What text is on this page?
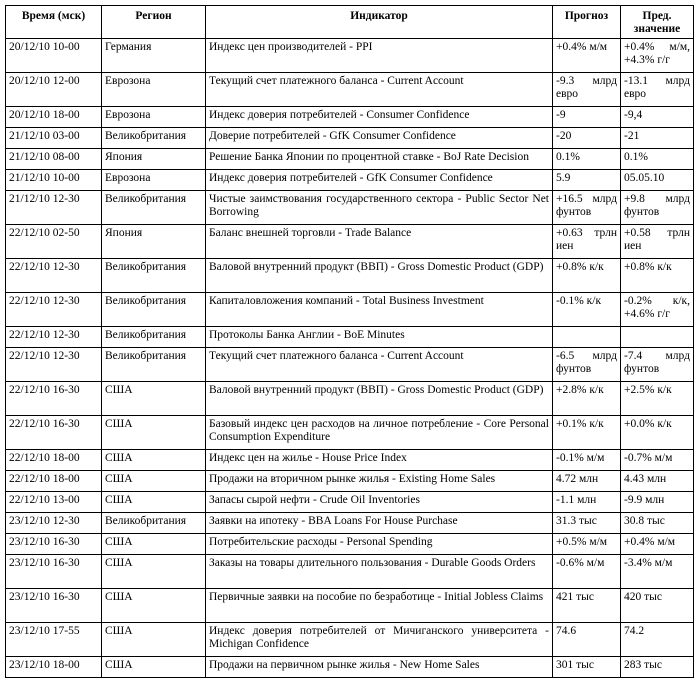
Время (мск)	Регион	Индикатор	Прогноз	Пред. значение
20/12/10 10-00	Германия	Индекс цен производителей - PPI	+0.4% м/м	+0.4% м/м, +4.3% г/г
20/12/10 12-00	Еврозона	Текущий счет платежного баланса - Current Account	-9.3 млрд евро	-13.1 млрд евро
20/12/10 18-00	Еврозона	Индекс доверия потребителей - Consumer Confidence	-9	-9,4
21/12/10 03-00	Великобритания	Доверие потребителей - GfK Consumer Confidence	-20	-21
21/12/10 08-00	Япония	Решение Банка Японии по процентной ставке - BoJ Rate Decision	0.1%	0.1%
21/12/10 10-00	Еврозона	Индекс доверия потребителей - GfK Consumer Confidence	5.9	05.05.10
21/12/10 12-30	Великобритания	Чистые заимствования государственного сектора - Public Sector Net Borrowing	+16.5 млрд фунтов	+9.8 млрд фунтов
22/12/10 02-50	Япония	Баланс внешней торговли - Trade Balance	+0.63 трлн иен	+0.58 трлн иен
22/12/10 12-30	Великобритания	Валовой внутренний продукт (ВВП) - Gross Domestic Product (GDP)	+0.8% к/к	+0.8% к/к
22/12/10 12-30	Великобритания	Капиталовложения компаний - Total Business Investment	-0.1% к/к	-0.2% к/к, +4.6% г/г
22/12/10 12-30	Великобритания	Протоколы Банка Англии - BoE Minutes		
22/12/10 12-30	Великобритания	Текущий счет платежного баланса - Current Account	-6.5 млрд фунтов	-7.4 млрд фунтов
22/12/10 16-30	США	Валовой внутренний продукт (ВВП) - Gross Domestic Product (GDP)	+2.8% к/к	+2.5% к/к
22/12/10 16-30	США	Базовый индекс цен расходов на личное потребление - Core Personal Consumption Expenditure	+0.1% к/к	+0.0% к/к
22/12/10 18-00	США	Индекс цен на жилье - House Price Index	-0.1% м/м	-0.7% м/м
22/12/10 18-00	США	Продажи на вторичном рынке жилья - Existing Home Sales	4.72 млн	4.43 млн
22/12/10 13-00	США	Запасы сырой нефти - Crude Oil Inventories	-1.1 млн	-9.9 млн
23/12/10 12-30	Великобритания	Заявки на ипотеку - BBA Loans For House Purchase	31.3 тыс	30.8 тыс
23/12/10 16-30	США	Потребительские расходы - Personal Spending	+0.5% м/м	+0.4% м/м
23/12/10 16-30	США	Заказы на товары длительного пользования - Durable Goods Orders	-0.6% м/м	-3.4% м/м
23/12/10 16-30	США	Первичные заявки на пособие по безработице - Initial Jobless Claims	421 тыс	420 тыс
23/12/10 17-55	США	Индекс доверия потребителей от Мичиганского университета - Michigan Confidence	74.6	74.2
23/12/10 18-00	США	Продажи на первичном рынке жилья - New Home Sales	301 тыс	283 тыс
